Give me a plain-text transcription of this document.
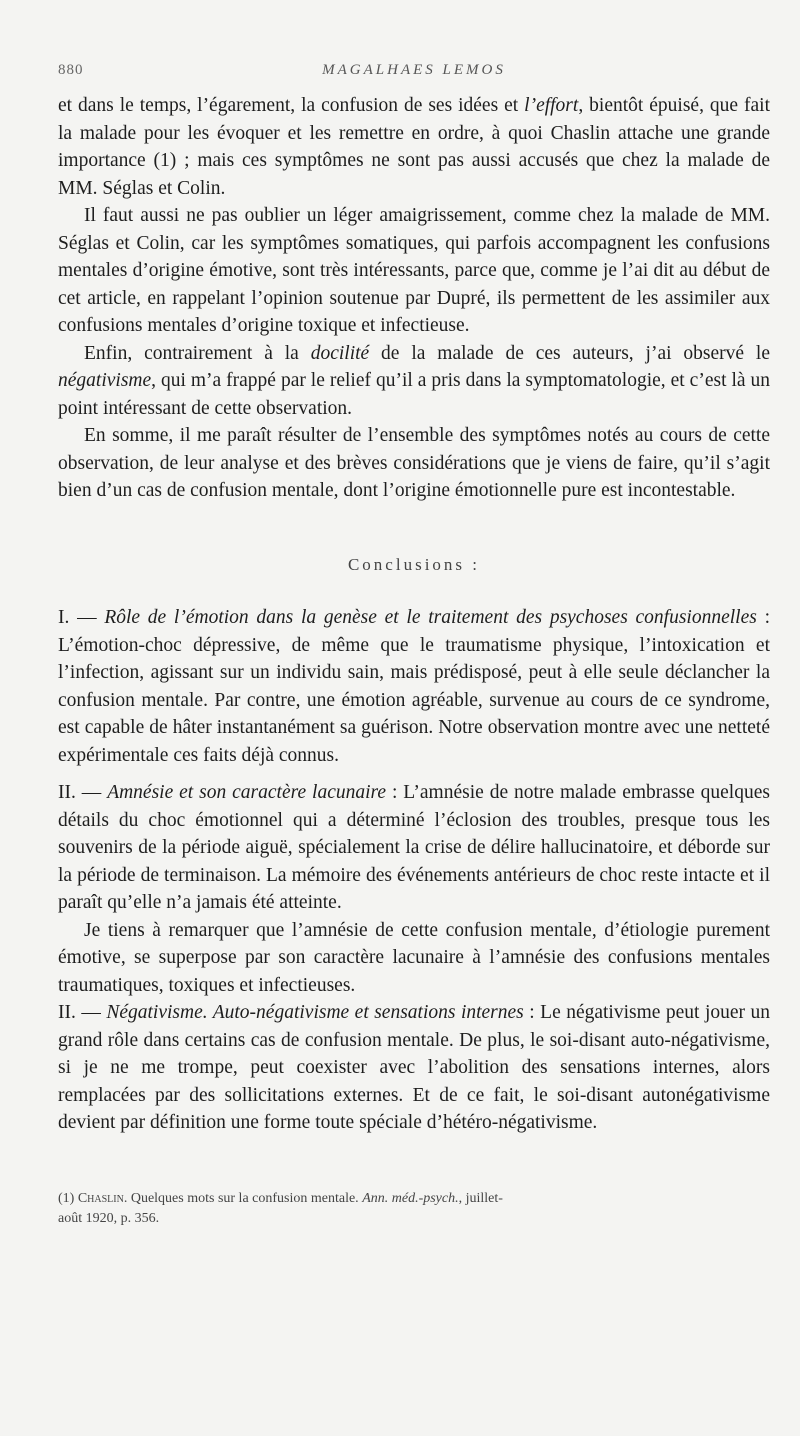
880	MAGALHAES LEMOS

et dans le temps, l’égarement, la confusion de ses idées et l’effort, bientôt épuisé, que fait la malade pour les évoquer et les remettre en ordre, à quoi Chaslin attache une grande importance (1) ; mais ces symptômes ne sont pas aussi accusés que chez la malade de MM. Séglas et Colin.

Il faut aussi ne pas oublier un léger amaigrissement, comme chez la malade de MM. Séglas et Colin, car les symptômes somatiques, qui parfois accompagnent les confusions mentales d’origine émotive, sont très intéressants, parce que, comme je l’ai dit au début de cet article, en rappelant l’opinion soutenue par Dupré, ils permettent de les assimiler aux confusions mentales d’origine toxique et infectieuse.

Enfin, contrairement à la docilité de la malade de ces auteurs, j’ai observé le négativisme, qui m’a frappé par le relief qu’il a pris dans la symptomatologie, et c’est là un point intéressant de cette observation.

En somme, il me paraît résulter de l’ensemble des symptômes notés au cours de cette observation, de leur analyse et des brèves considérations que je viens de faire, qu’il s’agit bien d’un cas de confusion mentale, dont l’origine émotionnelle pure est incontestable.

Conclusions :

I. — Rôle de l’émotion dans la genèse et le traitement des psychoses confusionnelles : L’émotion-choc dépressive, de même que le traumatisme physique, l’intoxication et l’infection, agissant sur un individu sain, mais prédisposé, peut à elle seule déclancher la confusion mentale. Par contre, une émotion agréable, survenue au cours de ce syndrome, est capable de hâter instantanément sa guérison. Notre observation montre avec une netteté expérimentale ces faits déjà connus.

II. — Amnésie et son caractère lacunaire : L’amnésie de notre malade embrasse quelques détails du choc émotionnel qui a déterminé l’éclosion des troubles, presque tous les souvenirs de la période aiguë, spécialement la crise de délire hallucinatoire, et déborde sur la période de terminaison. La mémoire des événements antérieurs de choc reste intacte et il paraît qu’elle n’a jamais été atteinte.

Je tiens à remarquer que l’amnésie de cette confusion mentale, d’étiologie purement émotive, se superpose par son caractère lacunaire à l’amnésie des confusions mentales traumatiques, toxiques et infectieuses.

II. — Négativisme. Auto-négativisme et sensations internes : Le négativisme peut jouer un grand rôle dans certains cas de confusion mentale. De plus, le soi-disant auto-négativisme, si je ne me trompe, peut coexister avec l’abolition des sensations internes, alors remplacées par des sollicitations externes. Et de ce fait, le soi-disant autonégativisme devient par définition une forme toute spéciale d’hétéro-négativisme.

(1) Chaslin. Quelques mots sur la confusion mentale. Ann. méd.-psych., juillet-
août 1920, p. 356.
